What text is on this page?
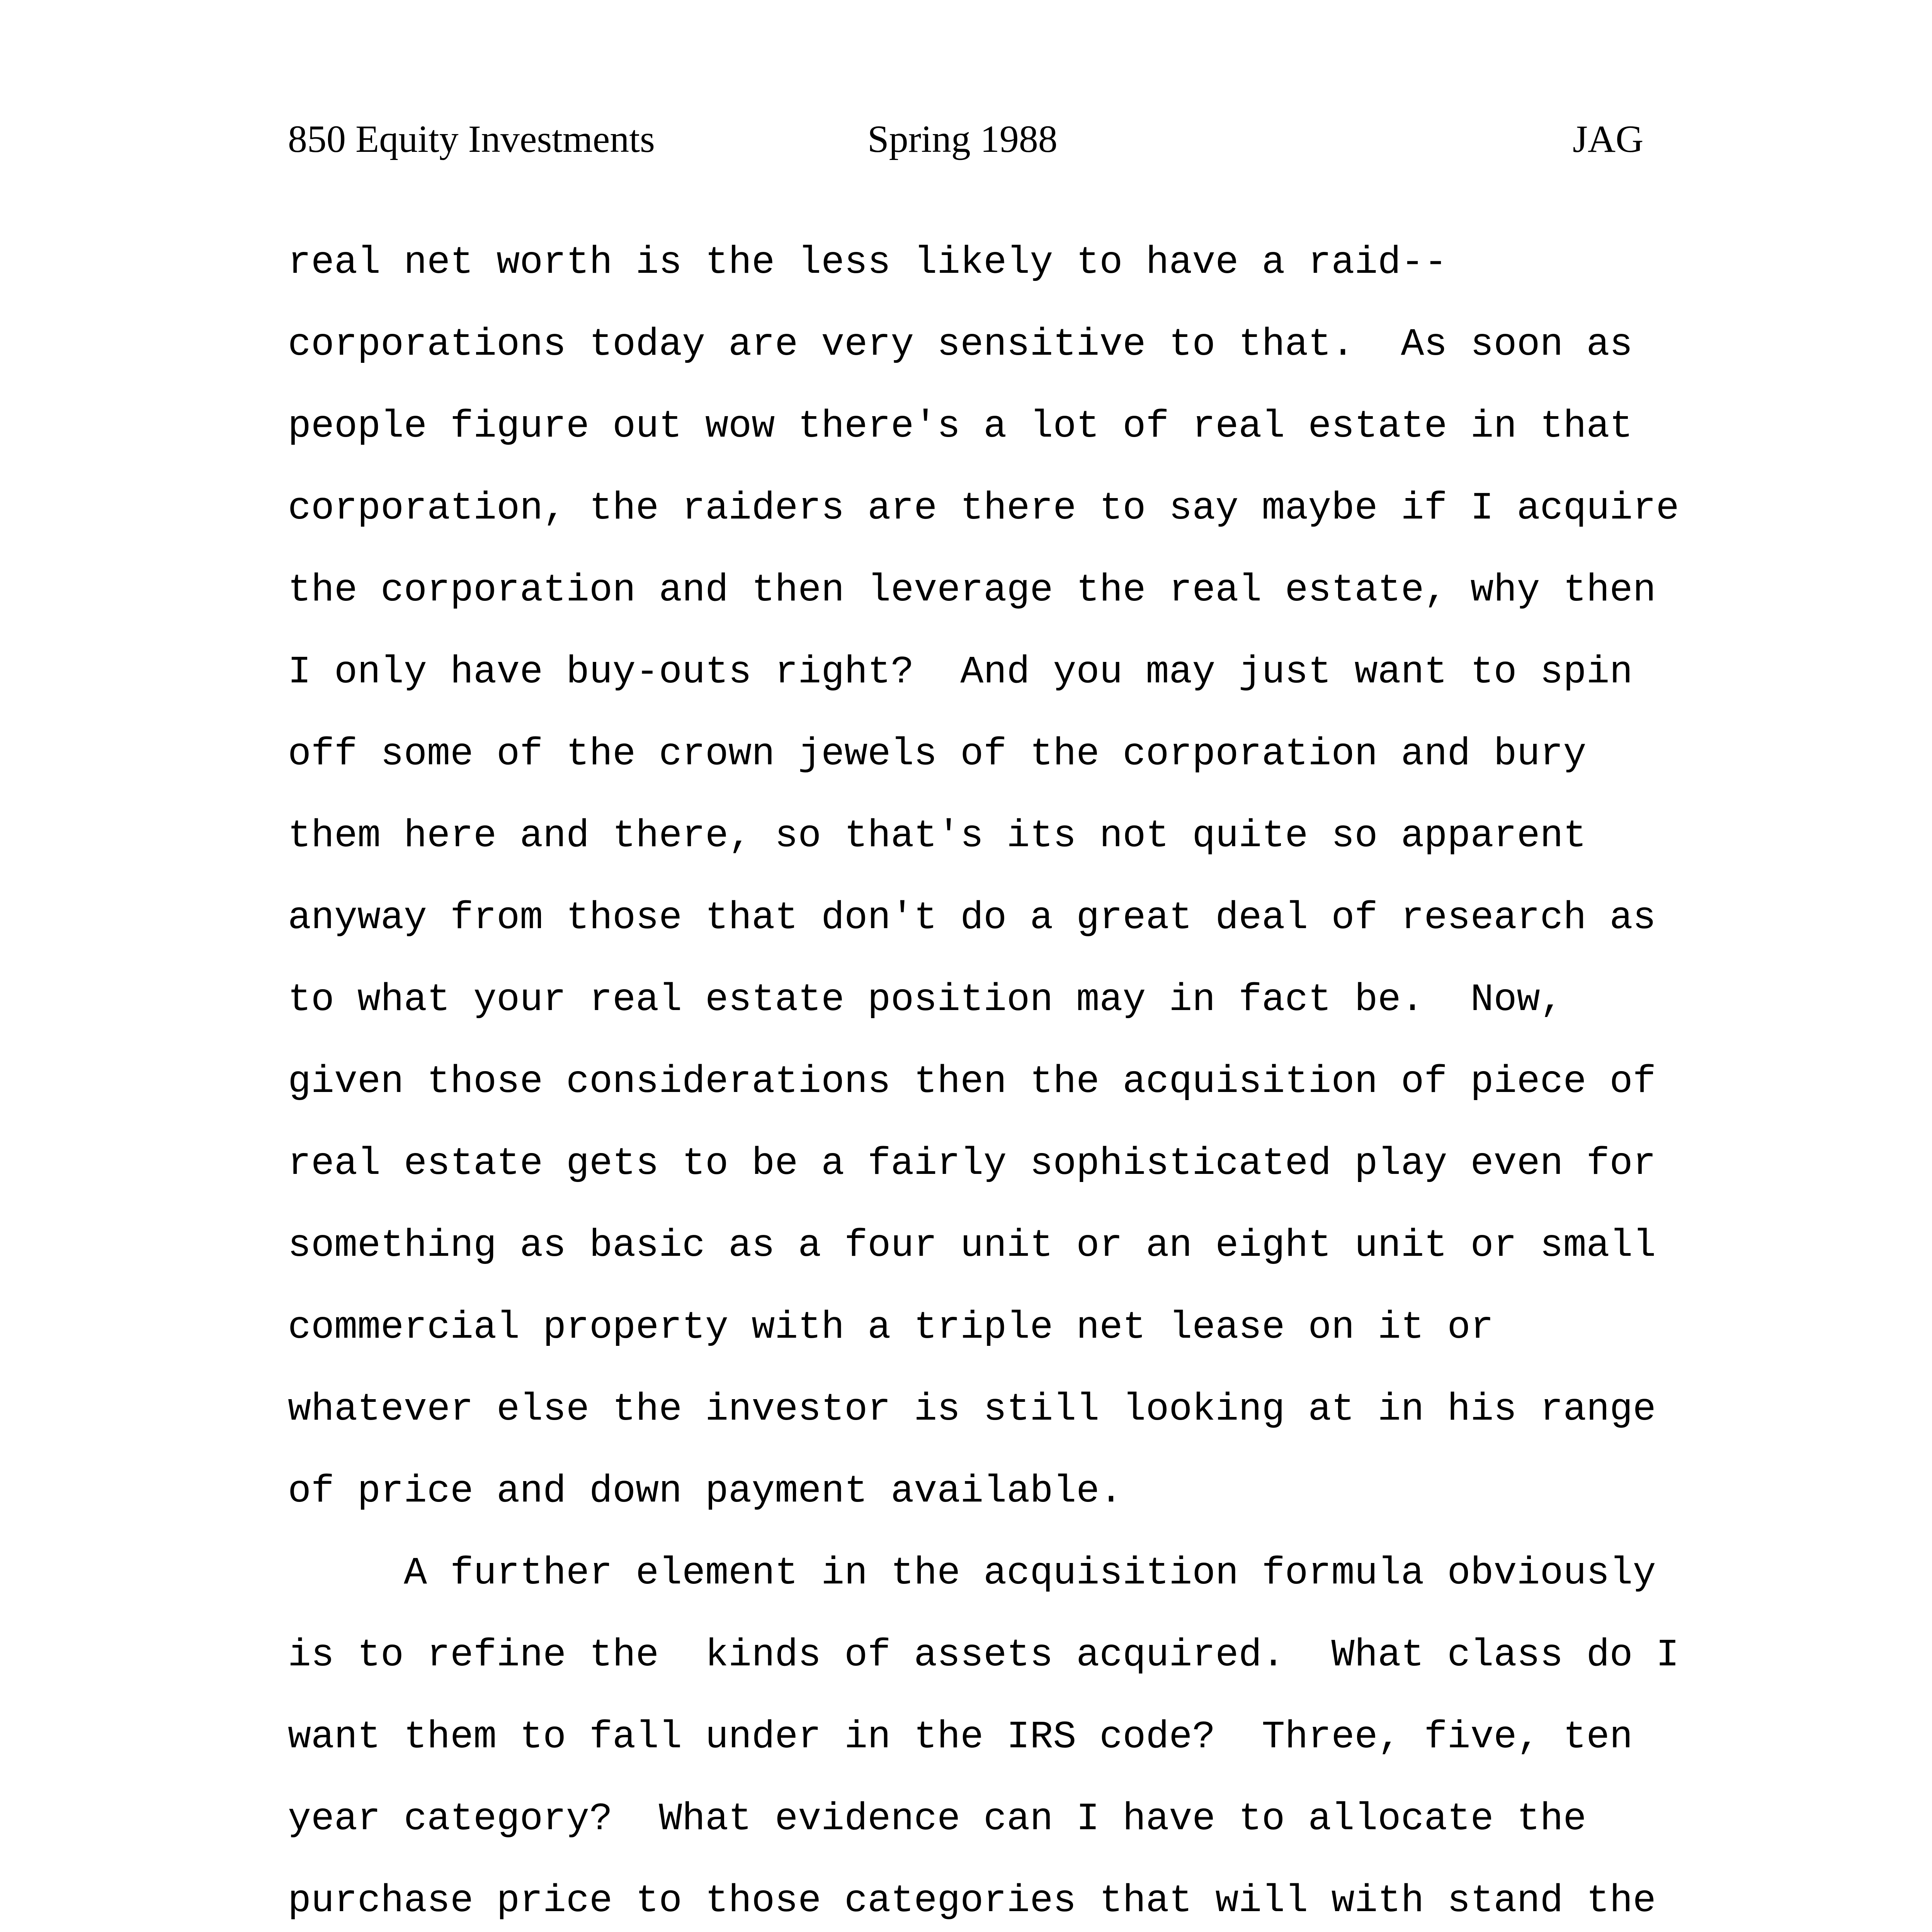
850 Equity Investments	Spring 1988	JAG
real net worth is the less likely to have a raid--
corporations today are very sensitive to that.  As soon as
people figure out wow there's a lot of real estate in that
corporation, the raiders are there to say maybe if I acquire
the corporation and then leverage the real estate, why then
I only have buy-outs right?  And you may just want to spin
off some of the crown jewels of the corporation and bury
them here and there, so that's its not quite so apparent
anyway from those that don't do a great deal of research as
to what your real estate position may in fact be.  Now,
given those considerations then the acquisition of piece of
real estate gets to be a fairly sophisticated play even for
something as basic as a four unit or an eight unit or small
commercial property with a triple net lease on it or
whatever else the investor is still looking at in his range
of price and down payment available.
A further element in the acquisition formula obviously
is to refine the  kinds of assets acquired.  What class do I
want them to fall under in the IRS code?  Three, five, ten
year category?  What evidence can I have to allocate the
purchase price to those categories that will with stand the
